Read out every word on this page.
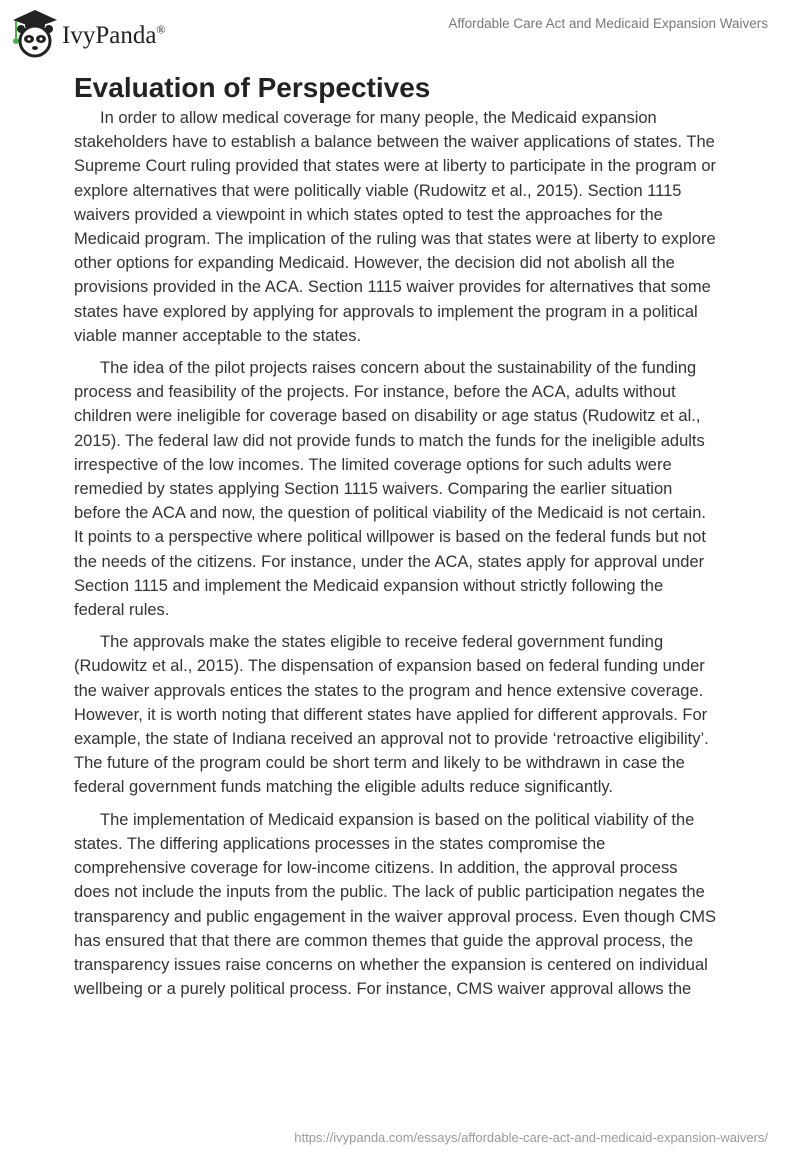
IvyPanda®	Affordable Care Act and Medicaid Expansion Waivers
Evaluation of Perspectives

In order to allow medical coverage for many people, the Medicaid expansion
stakeholders have to establish a balance between the waiver applications of states. The
Supreme Court ruling provided that states were at liberty to participate in the program or
explore alternatives that were politically viable (Rudowitz et al., 2015). Section 1115
waivers provided a viewpoint in which states opted to test the approaches for the
Medicaid program. The implication of the ruling was that states were at liberty to explore
other options for expanding Medicaid. However, the decision did not abolish all the
provisions provided in the ACA. Section 1115 waiver provides for alternatives that some
states have explored by applying for approvals to implement the program in a political
viable manner acceptable to the states.

The idea of the pilot projects raises concern about the sustainability of the funding
process and feasibility of the projects. For instance, before the ACA, adults without
children were ineligible for coverage based on disability or age status (Rudowitz et al.,
2015). The federal law did not provide funds to match the funds for the ineligible adults
irrespective of the low incomes. The limited coverage options for such adults were
remedied by states applying Section 1115 waivers. Comparing the earlier situation
before the ACA and now, the question of political viability of the Medicaid is not certain.
It points to a perspective where political willpower is based on the federal funds but not
the needs of the citizens. For instance, under the ACA, states apply for approval under
Section 1115 and implement the Medicaid expansion without strictly following the
federal rules.

The approvals make the states eligible to receive federal government funding
(Rudowitz et al., 2015). The dispensation of expansion based on federal funding under
the waiver approvals entices the states to the program and hence extensive coverage.
However, it is worth noting that different states have applied for different approvals. For
example, the state of Indiana received an approval not to provide ‘retroactive eligibility’.
The future of the program could be short term and likely to be withdrawn in case the
federal government funds matching the eligible adults reduce significantly.

The implementation of Medicaid expansion is based on the political viability of the
states. The differing applications processes in the states compromise the
comprehensive coverage for low-income citizens. In addition, the approval process
does not include the inputs from the public. The lack of public participation negates the
transparency and public engagement in the waiver approval process. Even though CMS
has ensured that that there are common themes that guide the approval process, the
transparency issues raise concerns on whether the expansion is centered on individual
wellbeing or a purely political process. For instance, CMS waiver approval allows the

https://ivypanda.com/essays/affordable-care-act-and-medicaid-expansion-waivers/
